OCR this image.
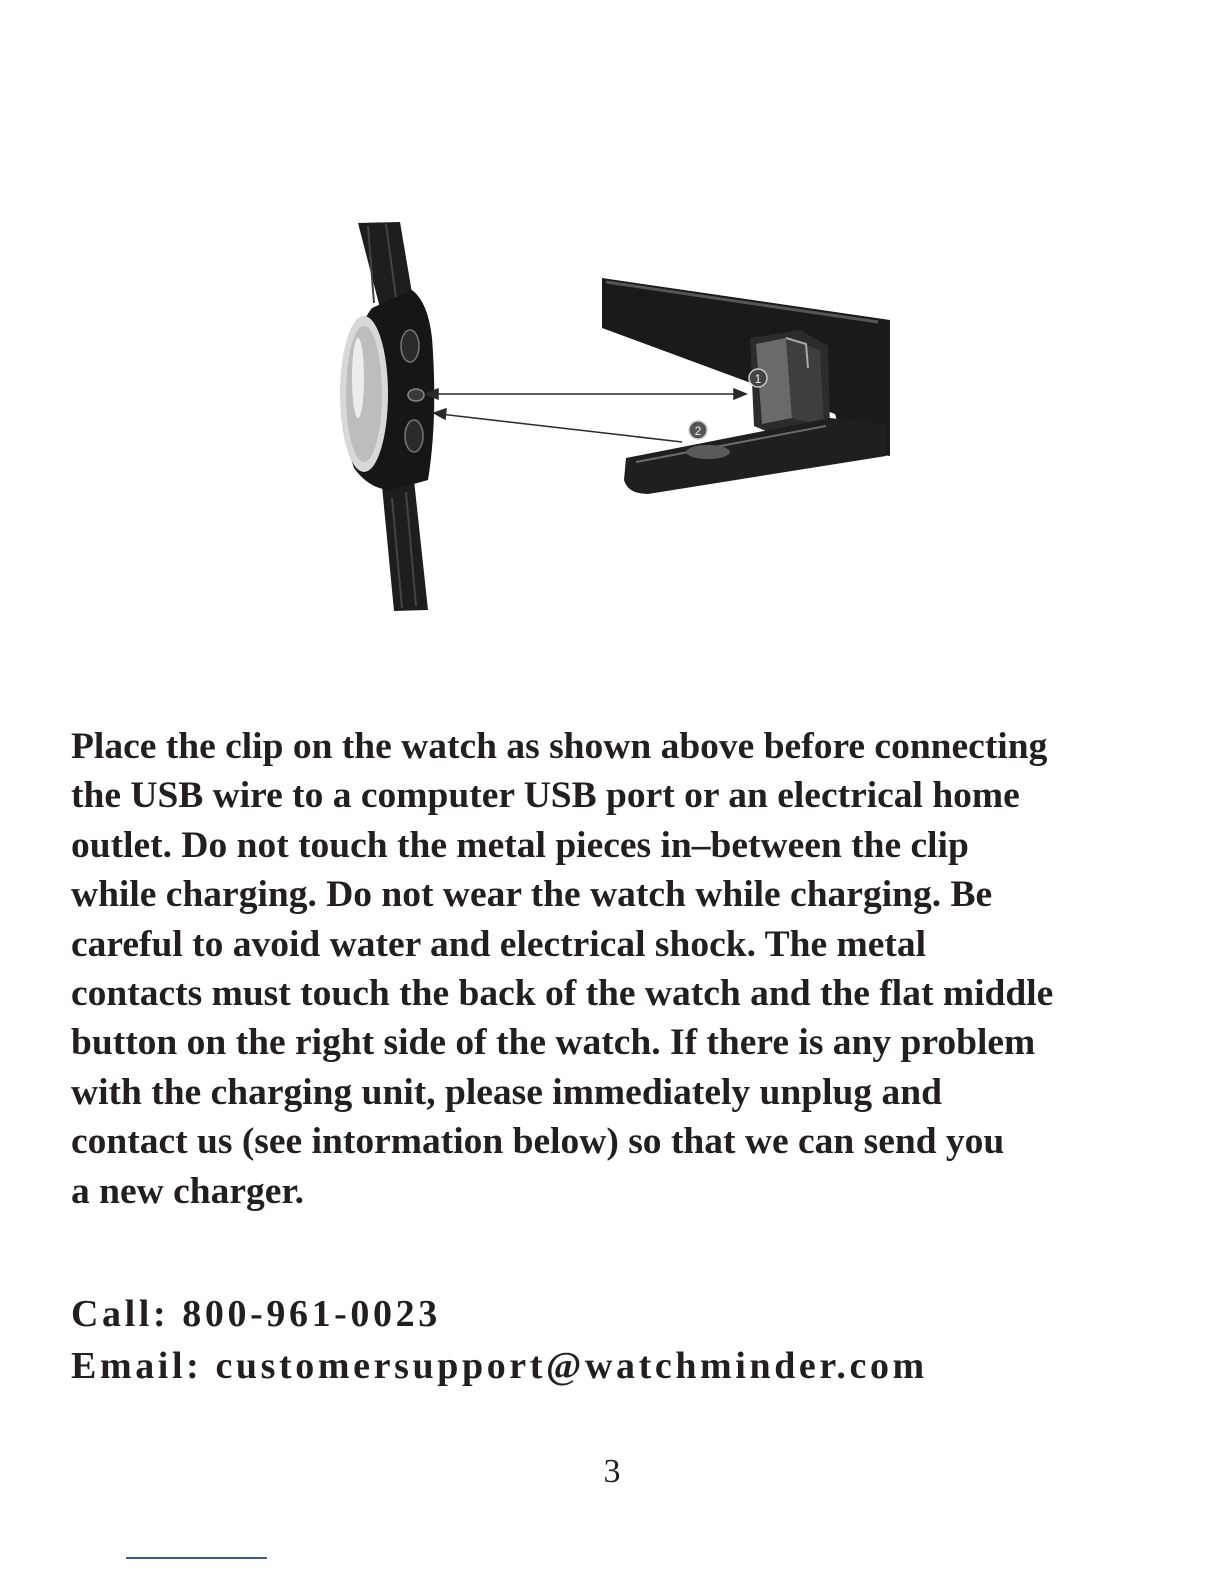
2
1

Place the clip on the watch as shown above before connecting
the USB wire to a computer USB port or an electrical home
outlet. Do not touch the metal pieces in–between the clip
while charging. Do not wear the watch while charging. Be
careful to avoid water and electrical shock. The metal
contacts must touch the back of the watch and the flat middle
button on the right side of the watch. If there is any problem
with the charging unit, please immediately unplug and
contact us (see intormation below) so that we can send you
a new charger.

Call: 800-961-0023
Email: customersupport@watchminder.com
3
